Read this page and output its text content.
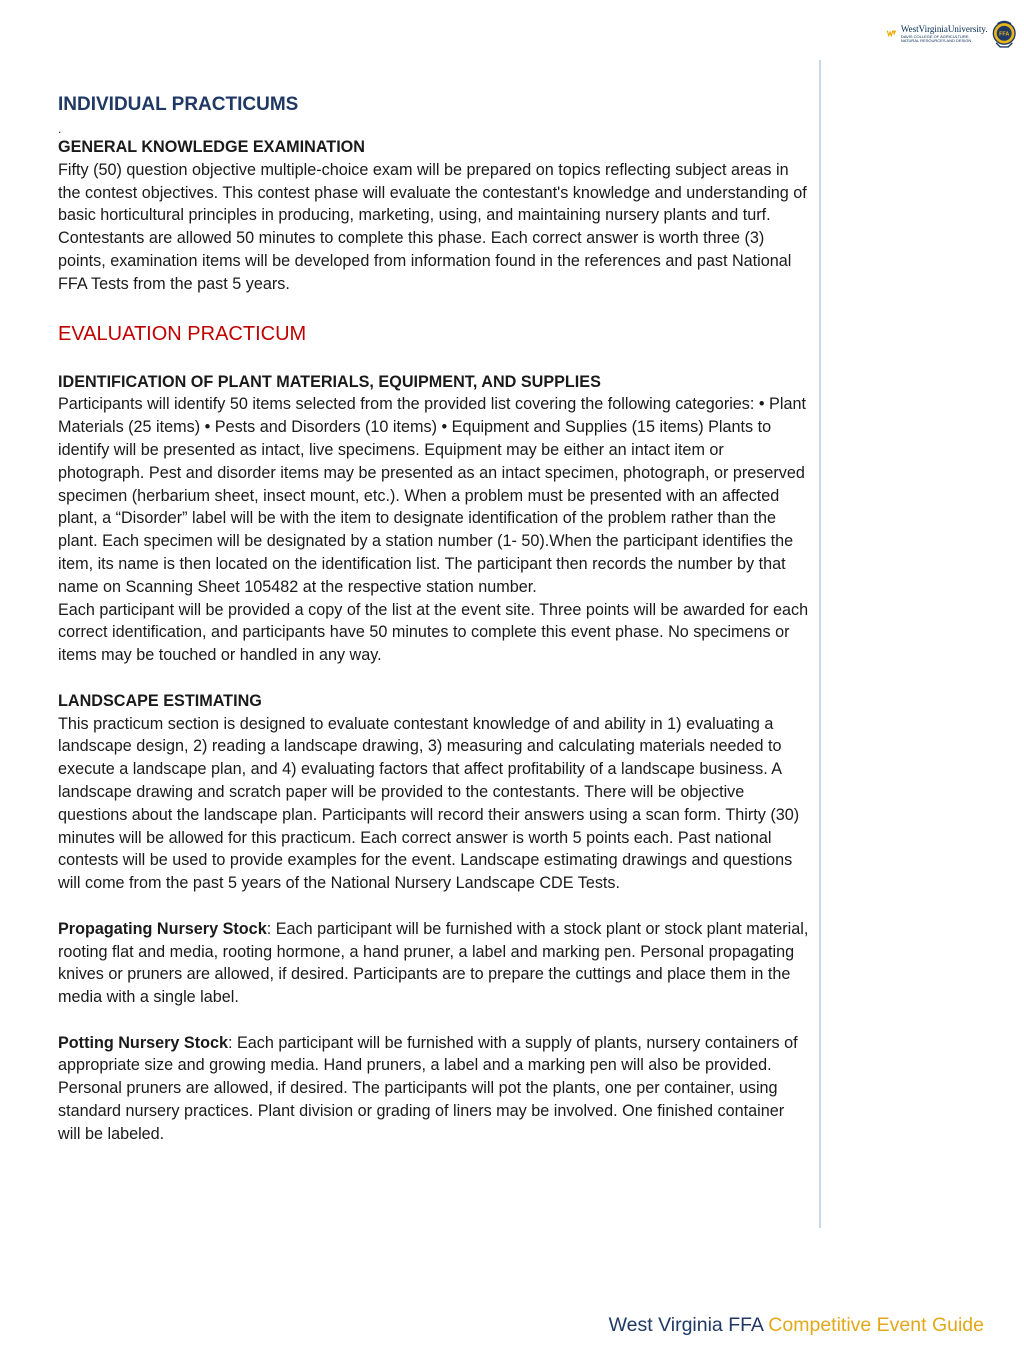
WestVirginiaUniversity.
DAVIS COLLEGE OF AGRICULTURE, NATURAL RESOURCES AND DESIGN
FFA
INDIVIDUAL PRACTICUMS

.

GENERAL KNOWLEDGE EXAMINATION

Fifty (50) question objective multiple-choice exam will be prepared on topics reflecting subject areas in the contest objectives. This contest phase will evaluate the contestant's knowledge and understanding of basic horticultural principles in producing, marketing, using, and maintaining nursery plants and turf. Contestants are allowed 50 minutes to complete this phase. Each correct answer is worth three (3) points, examination items will be developed from information found in the references and past National FFA Tests from the past 5 years.

EVALUATION PRACTICUM

IDENTIFICATION OF PLANT MATERIALS, EQUIPMENT, AND SUPPLIES

Participants will identify 50 items selected from the provided list covering the following categories: • Plant Materials (25 items) • Pests and Disorders (10 items) • Equipment and Supplies (15 items) Plants to identify will be presented as intact, live specimens. Equipment may be either an intact item or photograph. Pest and disorder items may be presented as an intact specimen, photograph, or preserved specimen (herbarium sheet, insect mount, etc.). When a problem must be presented with an affected plant, a “Disorder” label will be with the item to designate identification of the problem rather than the plant. Each specimen will be designated by a station number (1- 50).When the participant identifies the item, its name is then located on the identification list. The participant then records the number by that name on Scanning Sheet 105482 at the respective station number.

Each participant will be provided a copy of the list at the event site. Three points will be awarded for each correct identification, and participants have 50 minutes to complete this event phase. No specimens or items may be touched or handled in any way.

LANDSCAPE ESTIMATING

This practicum section is designed to evaluate contestant knowledge of and ability in 1) evaluating a landscape design, 2) reading a landscape drawing, 3) measuring and calculating materials needed to execute a landscape plan, and 4) evaluating factors that affect profitability of a landscape business. A landscape drawing and scratch paper will be provided to the contestants. There will be objective questions about the landscape plan. Participants will record their answers using a scan form. Thirty (30) minutes will be allowed for this practicum. Each correct answer is worth 5 points each. Past national contests will be used to provide examples for the event. Landscape estimating drawings and questions will come from the past 5 years of the National Nursery Landscape CDE Tests.

Propagating Nursery Stock: Each participant will be furnished with a stock plant or stock plant material, rooting flat and media, rooting hormone, a hand pruner, a label and marking pen. Personal propagating knives or pruners are allowed, if desired. Participants are to prepare the cuttings and place them in the media with a single label.

Potting Nursery Stock: Each participant will be furnished with a supply of plants, nursery containers of appropriate size and growing media. Hand pruners, a label and a marking pen will also be provided. Personal pruners are allowed, if desired. The participants will pot the plants, one per container, using standard nursery practices. Plant division or grading of liners may be involved. One finished container will be labeled.

West Virginia FFA Competitive Event Guide
